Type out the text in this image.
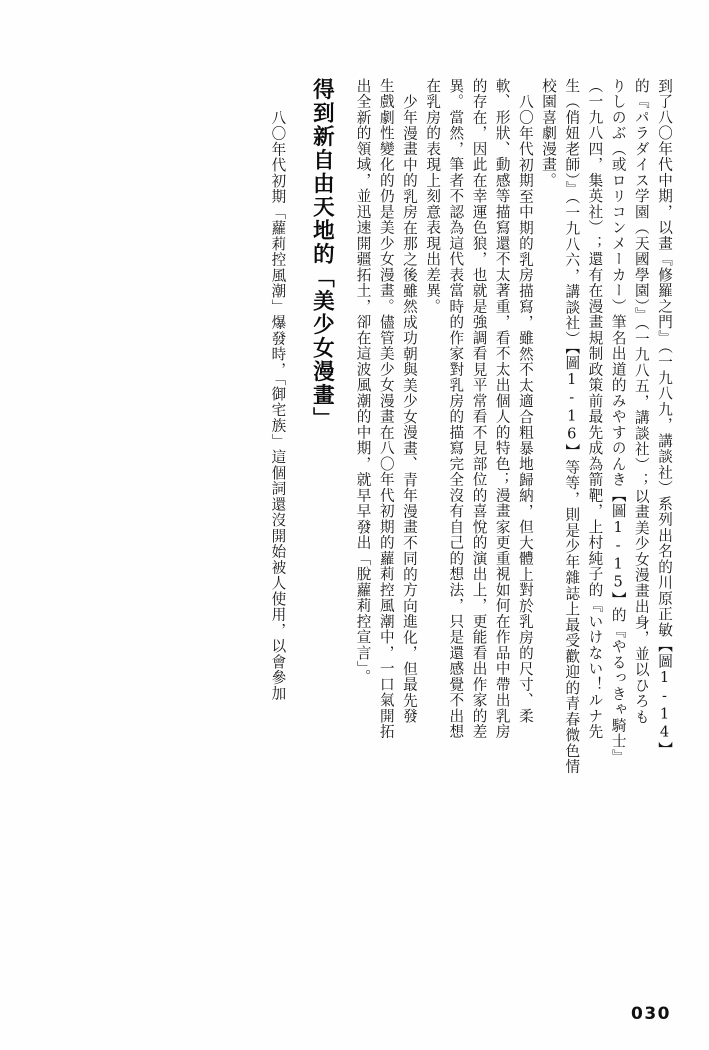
到了八〇年代中期，以畫『修羅之門』（一九八九，講談社）系列出名的川原正敏【圖1-14】
的『パラダイス学園（天國學園）』（一九八五，講談社）；以畫美少女漫畫出身，並以ひろも
りしのぶ（或ロリコンメーカー）筆名出道的みやすのんき【圖1-15】的『やるっきゃ騎士』
（一九八四，集英社）；還有在漫畫規制政策前最先成為箭靶，上村純子的『いけない！ルナ先
生（俏妞老師）』（一九八六，講談社）【圖1-16】等等，則是少年雜誌上最受歡迎的青春微色情
校園喜劇漫畫。
八〇年代初期至中期的乳房描寫，雖然不太適合粗暴地歸納，但大體上對於乳房的尺寸、柔
軟、形狀、動感等描寫還不太著重，看不太出個人的特色；漫畫家更重視如何在作品中帶出乳房
的存在，因此在幸運色狼，也就是強調看見平常看不見部位的喜悅的演出上，更能看出作家的差
異。當然，筆者不認為這代表當時的作家對乳房的描寫完全沒有自己的想法，只是還感覺不出想
在乳房的表現上刻意表現出差異。
少年漫畫中的乳房在那之後雖然成功朝與美少女漫畫、青年漫畫不同的方向進化，但最先發
生戲劇性變化的仍是美少女漫畫。儘管美少女漫畫在八〇年代初期的蘿莉控風潮中，一口氣開拓
出全新的領域，並迅速開疆拓土，卻在這波風潮的中期，就早早發出「脫蘿莉控宣言」。
得到新自由天地的「美少女漫畫」
八〇年代初期「蘿莉控風潮」爆發時，「御宅族」這個詞還沒開始被人使用，以會參加
030
